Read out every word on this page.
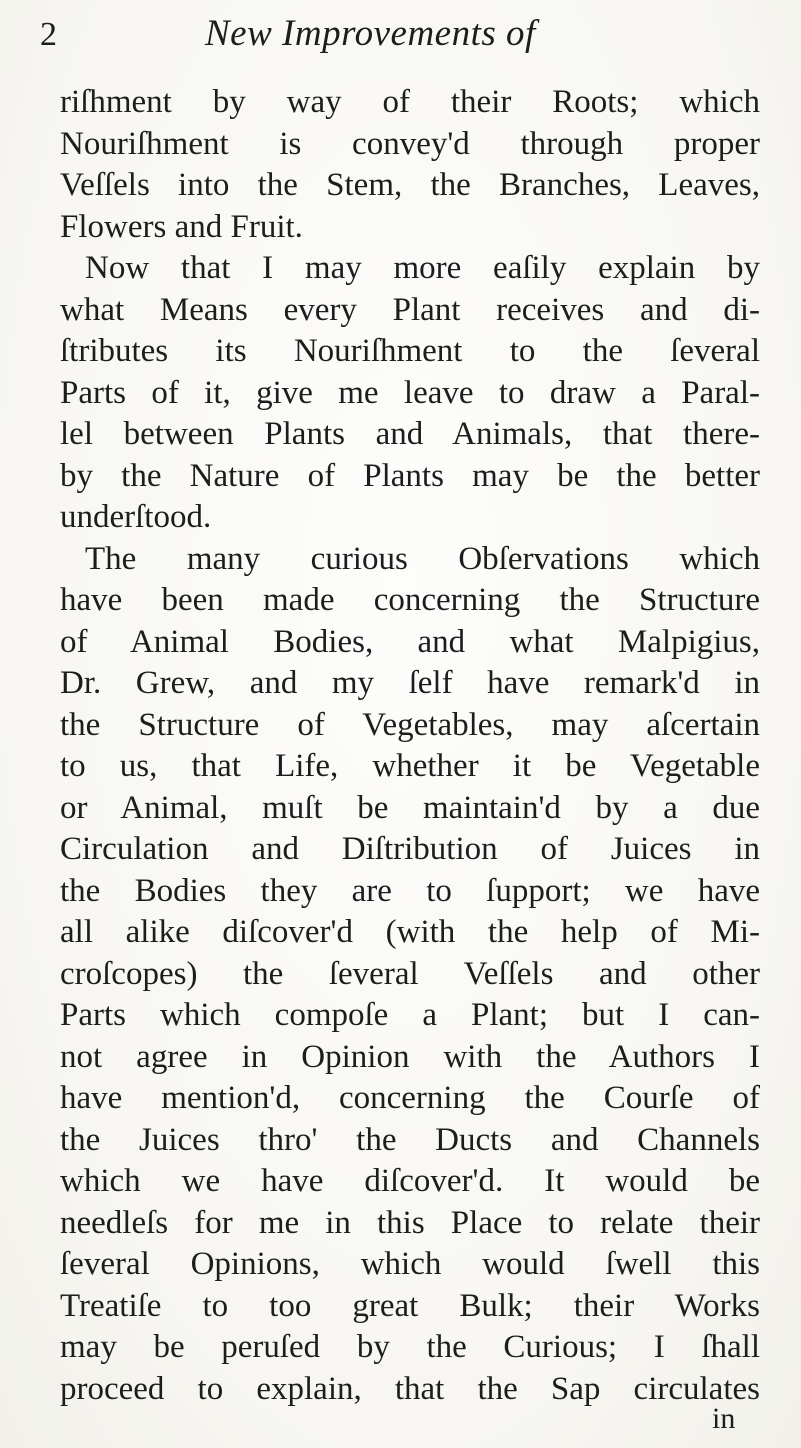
2	New Improvements of
riſhment by way of their Roots; which
Nouriſhment is convey'd through proper
Veſſels into the Stem, the Branches, Leaves,
Flowers and Fruit.
Now that I may more eaſily explain by
what Means every Plant receives and di-
ſtributes its Nouriſhment to the ſeveral
Parts of it, give me leave to draw a Paral-
lel between Plants and Animals, that there-
by the Nature of Plants may be the better
underſtood.
The many curious Obſervations which
have been made concerning the Structure
of Animal Bodies, and what Malpigius,
Dr. Grew, and my ſelf have remark'd in
the Structure of Vegetables, may aſcertain
to us, that Life, whether it be Vegetable
or Animal, muſt be maintain'd by a due
Circulation and Diſtribution of Juices in
the Bodies they are to ſupport; we have
all alike diſcover'd (with the help of Mi-
croſcopes) the ſeveral Veſſels and other
Parts which compoſe a Plant; but I can-
not agree in Opinion with the Authors I
have mention'd, concerning the Courſe of
the Juices thro' the Ducts and Channels
which we have diſcover'd. It would be
needleſs for me in this Place to relate their
ſeveral Opinions, which would ſwell this
Treatiſe to too great Bulk; their Works
may be peruſed by the Curious; I ſhall
proceed to explain, that the Sap circulates
in
